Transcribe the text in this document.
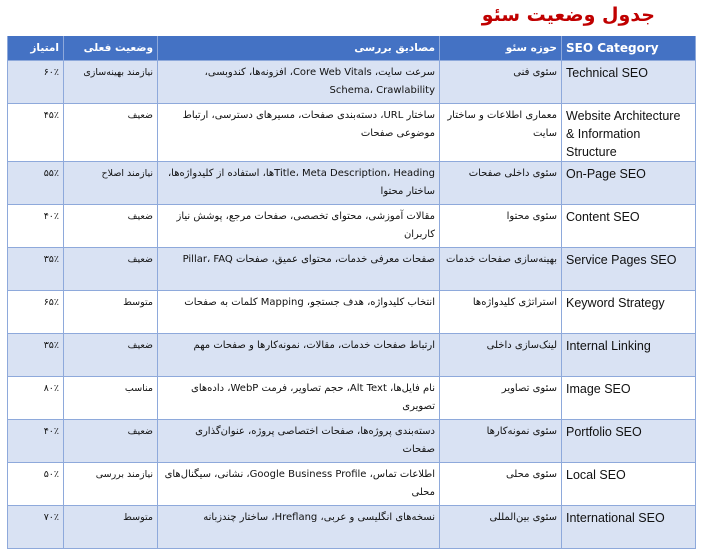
جدول وضعیت سئو
امتیاز	وضعیت فعلی	مصادیق بررسی	حوزه سئو	SEO Category
۶۰٪	نیازمند بهینه‌سازی	سرعت سایت، Core Web Vitals، افزونه‌ها، کندوبسی، Schema، Crawlability	سئوی فنی	Technical SEO
۴۵٪	ضعیف	ساختار URL، دسته‌بندی صفحات، مسیرهای دسترسی، ارتباط موضوعی صفحات	معماری اطلاعات و ساختار سایت	Website Architecture & Information Structure
۵۵٪	نیازمند اصلاح	Title، Meta Description، Headingها، استفاده از کلیدواژه‌ها، ساختار محتوا	سئوی داخلی صفحات	On-Page SEO
۴۰٪	ضعیف	مقالات آموزشی، محتوای تخصصی، صفحات مرجع، پوشش نیاز کاربران	سئوی محتوا	Content SEO
۳۵٪	ضعیف	صفحات معرفی خدمات، محتوای عمیق، صفحات Pillar، FAQ	بهینه‌سازی صفحات خدمات	Service Pages SEO
۶۵٪	متوسط	انتخاب کلیدواژه، هدف جستجو، Mapping کلمات به صفحات	استراتژی کلیدواژه‌ها	Keyword Strategy
۳۵٪	ضعیف	ارتباط صفحات خدمات، مقالات، نمونه‌کارها و صفحات مهم	لینک‌سازی داخلی	Internal Linking
۸۰٪	مناسب	نام فایل‌ها، Alt Text، حجم تصاویر، فرمت WebP، داده‌های تصویری	سئوی تصاویر	Image SEO
۴۰٪	ضعیف	دسته‌بندی پروژه‌ها، صفحات اختصاصی پروژه، عنوان‌گذاری صفحات	سئوی نمونه‌کارها	Portfolio SEO
۵۰٪	نیازمند بررسی	اطلاعات تماس، Google Business Profile، نشانی، سیگنال‌های محلی	سئوی محلی	Local SEO
۷۰٪	متوسط	نسخه‌های انگلیسی و عربی، Hreflang، ساختار چندزبانه	سئوی بین‌المللی	International SEO
